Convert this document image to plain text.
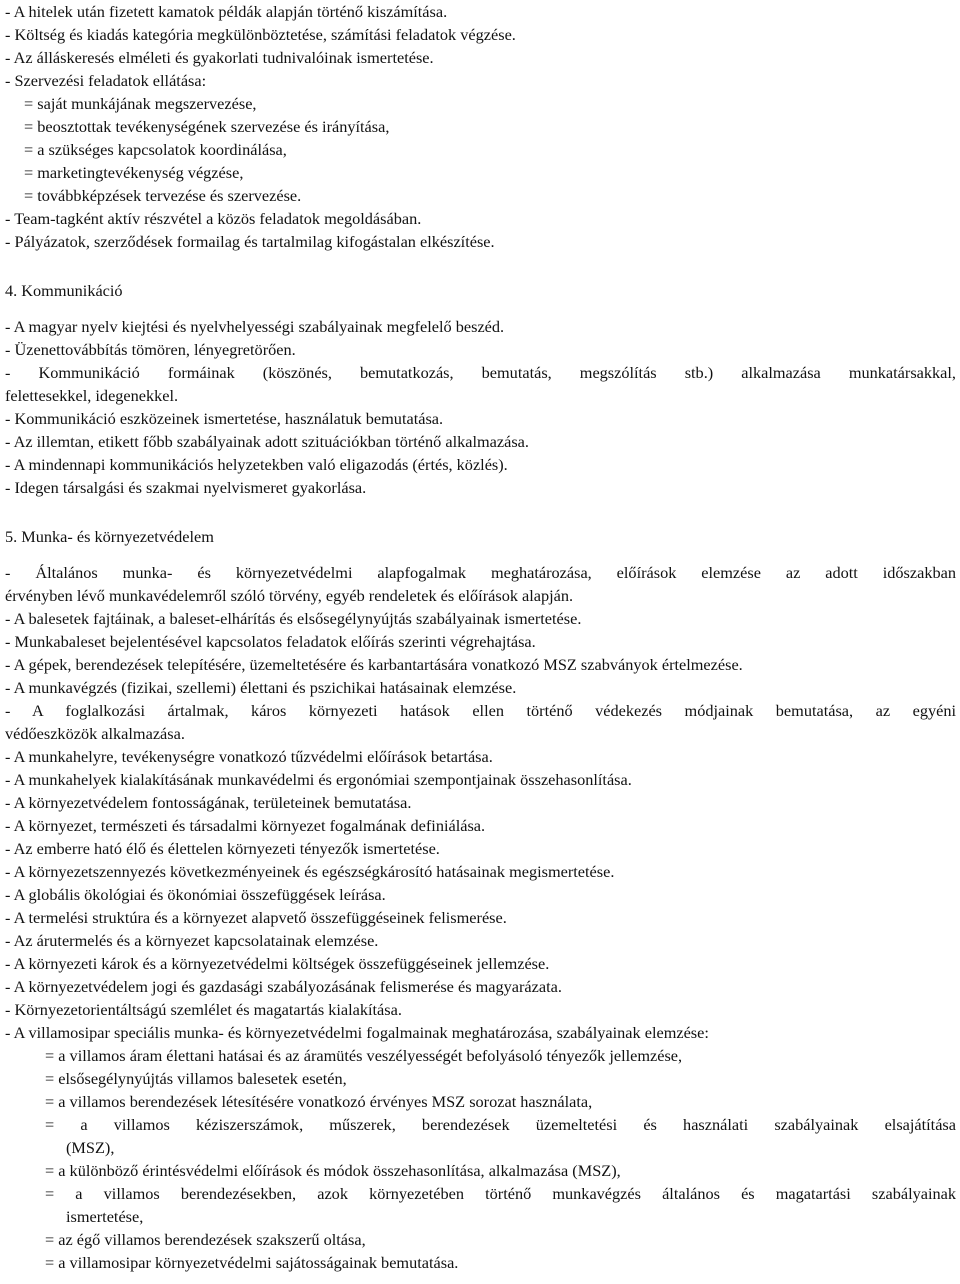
- A hitelek után fizetett kamatok példák alapján történő kiszámítása.

- Költség és kiadás kategória megkülönböztetése, számítási feladatok végzése.

- Az álláskeresés elméleti és gyakorlati tudnivalóinak ismertetése.

- Szervezési feladatok ellátása:

= saját munkájának megszervezése,

= beosztottak tevékenységének szervezése és irányítása,

= a szükséges kapcsolatok koordinálása,

= marketingtevékenység végzése,

= továbbképzések tervezése és szervezése.

- Team-tagként aktív részvétel a közös feladatok megoldásában.

- Pályázatok, szerződések formailag és tartalmilag kifogástalan elkészítése.

4. Kommunikáció

- A magyar nyelv kiejtési és nyelvhelyességi szabályainak megfelelő beszéd.

- Üzenettovábbítás tömören, lényegretörően.

- Kommunikáció formáinak (köszönés, bemutatkozás, bemutatás, megszólítás stb.) alkalmazása munkatársakkal,

felettesekkel, idegenekkel.

- Kommunikáció eszközeinek ismertetése, használatuk bemutatása.

- Az illemtan, etikett főbb szabályainak adott szituációkban történő alkalmazása.

- A mindennapi kommunikációs helyzetekben való eligazodás (értés, közlés).

- Idegen társalgási és szakmai nyelvismeret gyakorlása.

5. Munka- és környezetvédelem

- Általános munka- és környezetvédelmi alapfogalmak meghatározása, előírások elemzése az adott időszakban

érvényben lévő munkavédelemről szóló törvény, egyéb rendeletek és előírások alapján.

- A balesetek fajtáinak, a baleset-elhárítás és elsősegélynyújtás szabályainak ismertetése.

- Munkabaleset bejelentésével kapcsolatos feladatok előírás szerinti végrehajtása.

- A gépek, berendezések telepítésére, üzemeltetésére és karbantartására vonatkozó MSZ szabványok értelmezése.

- A munkavégzés (fizikai, szellemi) élettani és pszichikai hatásainak elemzése.

- A foglalkozási ártalmak, káros környezeti hatások ellen történő védekezés módjainak bemutatása, az egyéni

védőeszközök alkalmazása.

- A munkahelyre, tevékenységre vonatkozó tűzvédelmi előírások betartása.

- A munkahelyek kialakításának munkavédelmi és ergonómiai szempontjainak összehasonlítása.

- A környezetvédelem fontosságának, területeinek bemutatása.

- A környezet, természeti és társadalmi környezet fogalmának definiálása.

- Az emberre ható élő és élettelen környezeti tényezők ismertetése.

- A környezetszennyezés következményeinek és egészségkárosító hatásainak megismertetése.

- A globális ökológiai és ökonómiai összefüggések leírása.

- A termelési struktúra és a környezet alapvető összefüggéseinek felismerése.

- Az árutermelés és a környezet kapcsolatainak elemzése.

- A környezeti károk és a környezetvédelmi költségek összefüggéseinek jellemzése.

- A környezetvédelem jogi és gazdasági szabályozásának felismerése és magyarázata.

- Környezetorientáltságú szemlélet és magatartás kialakítása.

- A villamosipar speciális munka- és környezetvédelmi fogalmainak meghatározása, szabályainak elemzése:

= a villamos áram élettani hatásai és az áramütés veszélyességét befolyásoló tényezők jellemzése,

= elsősegélynyújtás villamos balesetek esetén,

= a villamos berendezések létesítésére vonatkozó érvényes MSZ sorozat használata,

= a villamos kéziszerszámok, műszerek, berendezések üzemeltetési és használati szabályainak elsajátítása

(MSZ),

= a különböző érintésvédelmi előírások és módok összehasonlítása, alkalmazása (MSZ),

= a villamos berendezésekben, azok környezetében történő munkavégzés általános és magatartási szabályainak

ismertetése,

= az égő villamos berendezések szakszerű oltása,

= a villamosipar környezetvédelmi sajátosságainak bemutatása.
